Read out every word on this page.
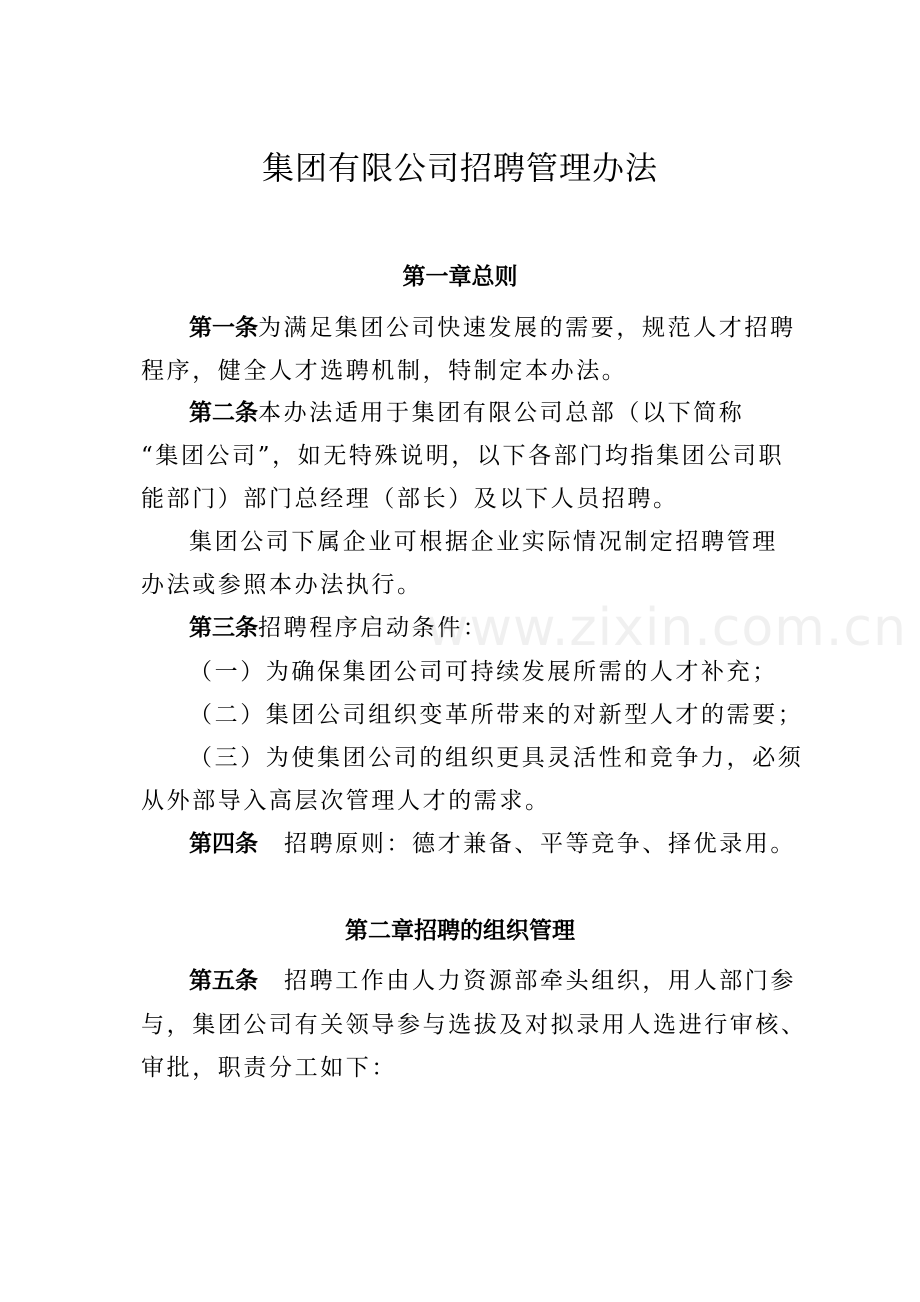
集团有限公司招聘管理办法
第一章总则

第一条为满足集团公司快速发展的需要，规范人才招聘

程序，健全人才选聘机制，特制定本办法。

第二条本办法适用于集团有限公司总部（以下简称

“集团公司”，如无特殊说明，以下各部门均指集团公司职

能部门）部门总经理（部长）及以下人员招聘。

集团公司下属企业可根据企业实际情况制定招聘管理

办法或参照本办法执行。

第三条招聘程序启动条件：

（一）为确保集团公司可持续发展所需的人才补充；

（二）集团公司组织变革所带来的对新型人才的需要；

（三）为使集团公司的组织更具灵活性和竞争力，必须

从外部导入高层次管理人才的需求。

第四条 招聘原则：德才兼备、平等竞争、择优录用。

第二章招聘的组织管理

第五条 招聘工作由人力资源部牵头组织，用人部门参

与，集团公司有关领导参与选拔及对拟录用人选进行审核、

审批，职责分工如下：

www.zixin.com.cn
